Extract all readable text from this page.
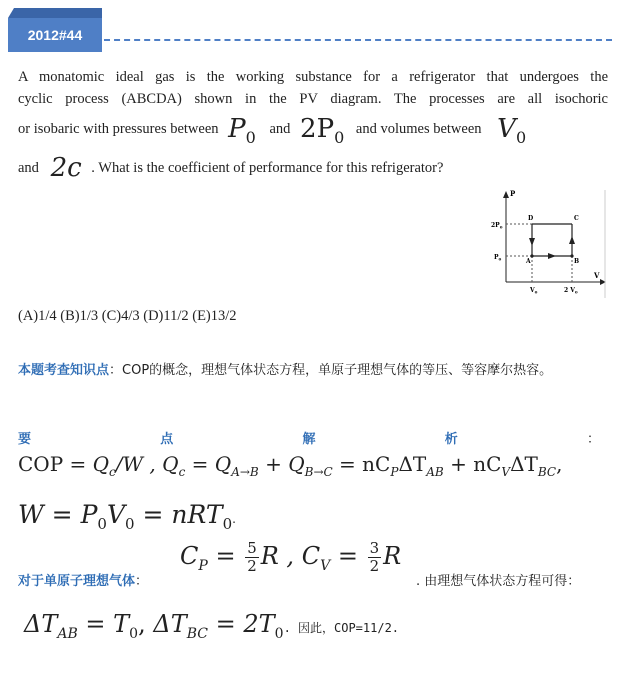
2012#44
A monatomic ideal gas is the working substance for a refrigerator that undergoes the
cyclic process (ABCDA) shown in the PV diagram. The processes are all isochoric
or isobaric with pressures between $P_0$ and $2P_0$ and volumes between $V_0$
and 2c . What is the coefficient of performance for this refrigerator?
P
V
$2P_0$
$P_0$
$V_0$	2 $V_0$
D	C
A	B
(A)1/4 (B)1/3 (C)4/3 (D)11/2 (E)13/2
本题考查知识点：COP的概念，理想气体状态方程，单原子理想气体的等压、等容摩尔热容。
要	点	解	析	：
COP = $Q_c/W$ , $Q_c = Q_{A\to B} + Q_{B\to C} = nC_P\Delta T_{AB} + nC_V\Delta T_{BC}$,
$W = P_0V_0 = nRT_0$.
对于单原子理想气体：
$C_P = \frac{5}{2}$ R , $C_V = \frac{3}{2}$ R
. 由理想气体状态方程可得：
$\Delta T_{AB} = T_0$, $\Delta T_{BC} = 2T_0$. 因此，COP=11/2.
